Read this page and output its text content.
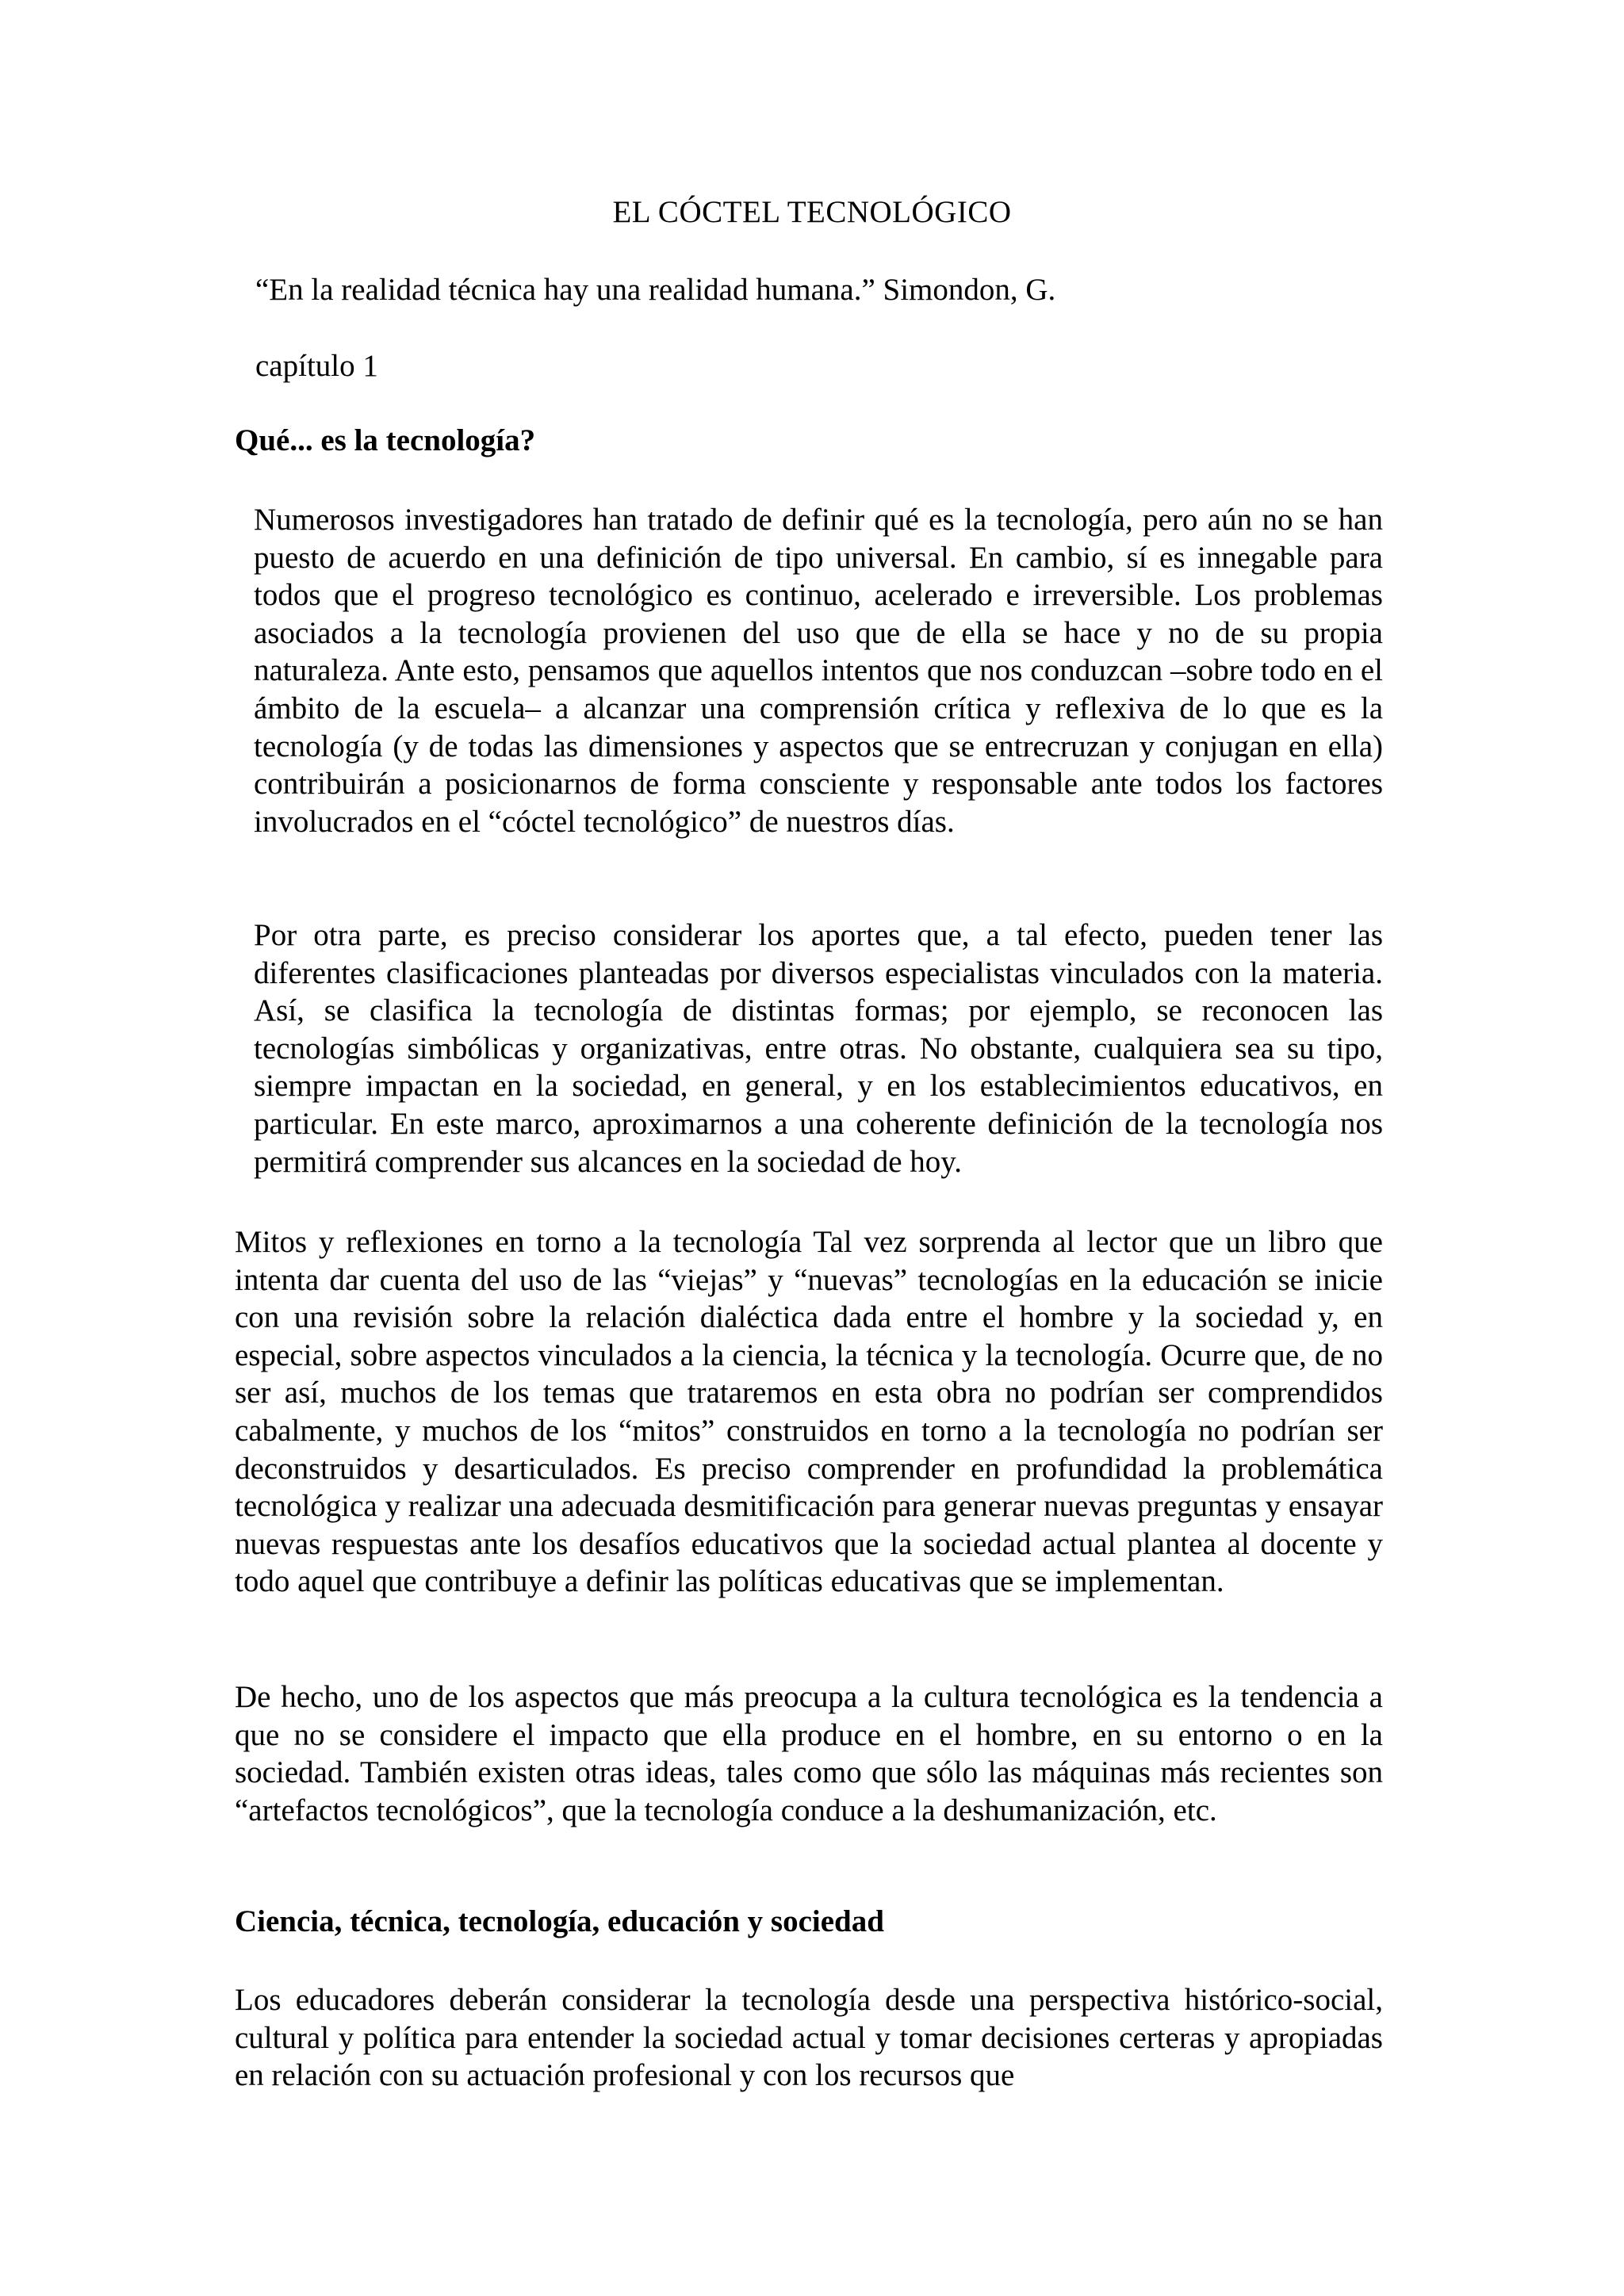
EL CÓCTEL TECNOLÓGICO
“En la realidad técnica hay una realidad humana.” Simondon, G.
capítulo 1
Qué... es la tecnología?

Numerosos investigadores han tratado de definir qué es la tecnología, pero aún no se han puesto de acuerdo en una definición de tipo universal. En cambio, sí es innegable para todos que el progreso tecnológico es continuo, acelerado e irreversible. Los problemas asociados a la tecnología provienen del uso que de ella se hace y no de su propia naturaleza. Ante esto, pensamos que aquellos intentos que nos conduzcan –sobre todo en el ámbito de la escuela– a alcanzar una comprensión crítica y reflexiva de lo que es la tecnología (y de todas las dimensiones y aspectos que se entrecruzan y conjugan en ella) contribuirán a posicionarnos de forma consciente y responsable ante todos los factores involucrados en el “cóctel tecnológico” de nuestros días.

Por otra parte, es preciso considerar los aportes que, a tal efecto, pueden tener las diferentes clasificaciones planteadas por diversos especialistas vinculados con la materia. Así, se clasifica la tecnología de distintas formas; por ejemplo, se reconocen las tecnologías simbólicas y organizativas, entre otras. No obstante, cualquiera sea su tipo, siempre impactan en la sociedad, en general, y en los establecimientos educativos, en particular. En este marco, aproximarnos a una coherente definición de la tecnología nos permitirá comprender sus alcances en la sociedad de hoy.

Mitos y reflexiones en torno a la tecnología Tal vez sorprenda al lector que un libro que intenta dar cuenta del uso de las “viejas” y “nuevas” tecnologías en la educación se inicie con una revisión sobre la relación dialéctica dada entre el hombre y la sociedad y, en especial, sobre aspectos vinculados a la ciencia, la técnica y la tecnología. Ocurre que, de no ser así, muchos de los temas que trataremos en esta obra no podrían ser comprendidos cabalmente, y muchos de los “mitos” construidos en torno a la tecnología no podrían ser deconstruidos y desarticulados. Es preciso comprender en profundidad la problemática tecnológica y realizar una adecuada desmitificación para generar nuevas preguntas y ensayar nuevas respuestas ante los desafíos educativos que la sociedad actual plantea al docente y todo aquel que contribuye a definir las políticas educativas que se implementan.

De hecho, uno de los aspectos que más preocupa a la cultura tecnológica es la tendencia a que no se considere el impacto que ella produce en el hombre, en su entorno o en la sociedad. También existen otras ideas, tales como que sólo las máquinas más recientes son “artefactos tecnológicos”, que la tecnología conduce a la deshumanización, etc.

Ciencia, técnica, tecnología, educación y sociedad

Los educadores deberán considerar la tecnología desde una perspectiva histórico-social, cultural y política para entender la sociedad actual y tomar decisiones certeras y apropiadas en relación con su actuación profesional y con los recursos que
